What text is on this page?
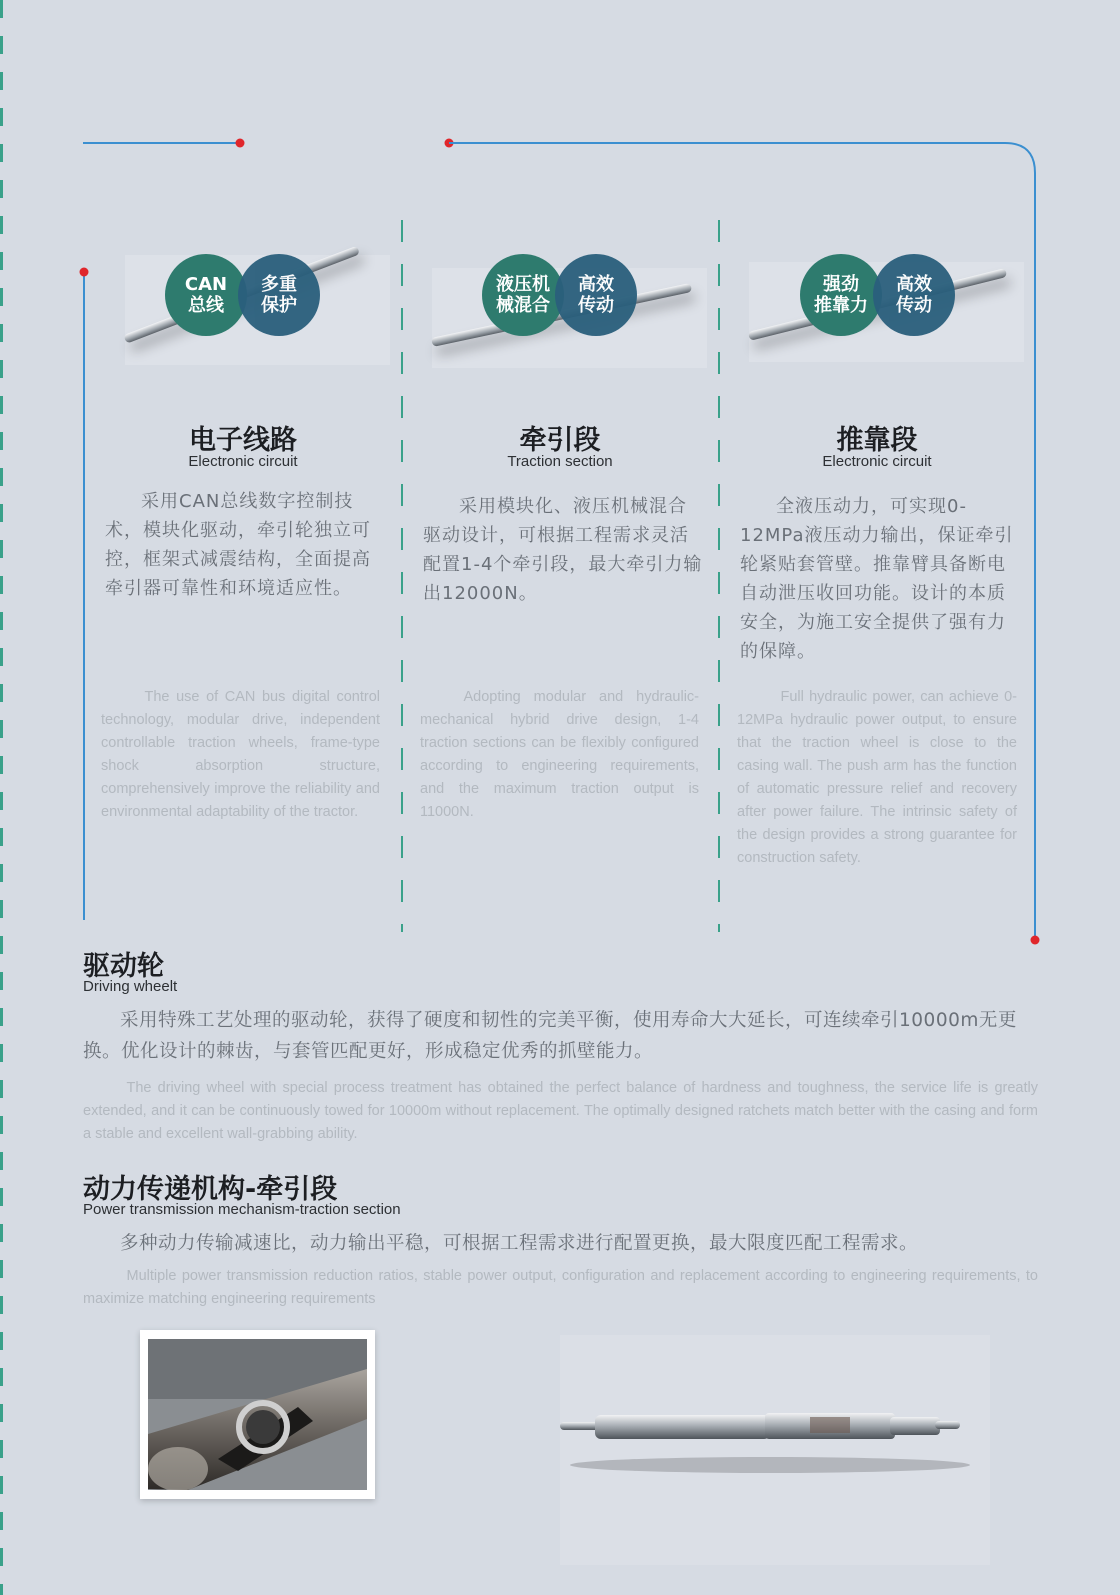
CAN
总线
多重
保护
电子线路
Electronic circuit
采用CAN总线数字控制技术，模块化驱动，牵引轮独立可控，框架式减震结构，全面提高牵引器可靠性和环境适应性。
The use of CAN bus digital control technology, modular drive, independent controllable traction wheels, frame-type shock absorption structure, comprehensively improve the reliability and environmental adaptability of the tractor.
液压机
械混合
高效
传动
牵引段
Traction section
采用模块化、液压机械混合驱动设计，可根据工程需求灵活配置1-4个牵引段，最大牵引力输出12000N。
Adopting modular and hydraulic-mechanical hybrid drive design, 1-4 traction sections can be flexibly configured according to engineering requirements, and the maximum traction output is 11000N.
强劲
推靠力
高效
传动
推靠段
Electronic circuit
全液压动力，可实现0-12MPa液压动力输出，保证牵引轮紧贴套管壁。推靠臂具备断电自动泄压收回功能。设计的本质安全，为施工安全提供了强有力的保障。
Full hydraulic power, can achieve 0-12MPa hydraulic power output, to ensure that the traction wheel is close to the casing wall. The push arm has the function of automatic pressure relief and recovery after power failure. The intrinsic safety of the design provides a strong guarantee for construction safety.
驱动轮
Driving wheelt
采用特殊工艺处理的驱动轮，获得了硬度和韧性的完美平衡，使用寿命大大延长，可连续牵引10000m无更换。优化设计的棘齿，与套管匹配更好，形成稳定优秀的抓壁能力。
The driving wheel with special process treatment has obtained the perfect balance of hardness and toughness, the service life is greatly extended, and it can be continuously towed for 10000m without replacement. The optimally designed ratchets match better with the casing and form a stable and excellent wall-grabbing ability.
动力传递机构-牵引段
Power transmission mechanism-traction section
多种动力传输减速比，动力输出平稳，可根据工程需求进行配置更换，最大限度匹配工程需求。
Multiple power transmission reduction ratios, stable power output, configuration and replacement according to engineering requirements, to maximize matching engineering requirements
